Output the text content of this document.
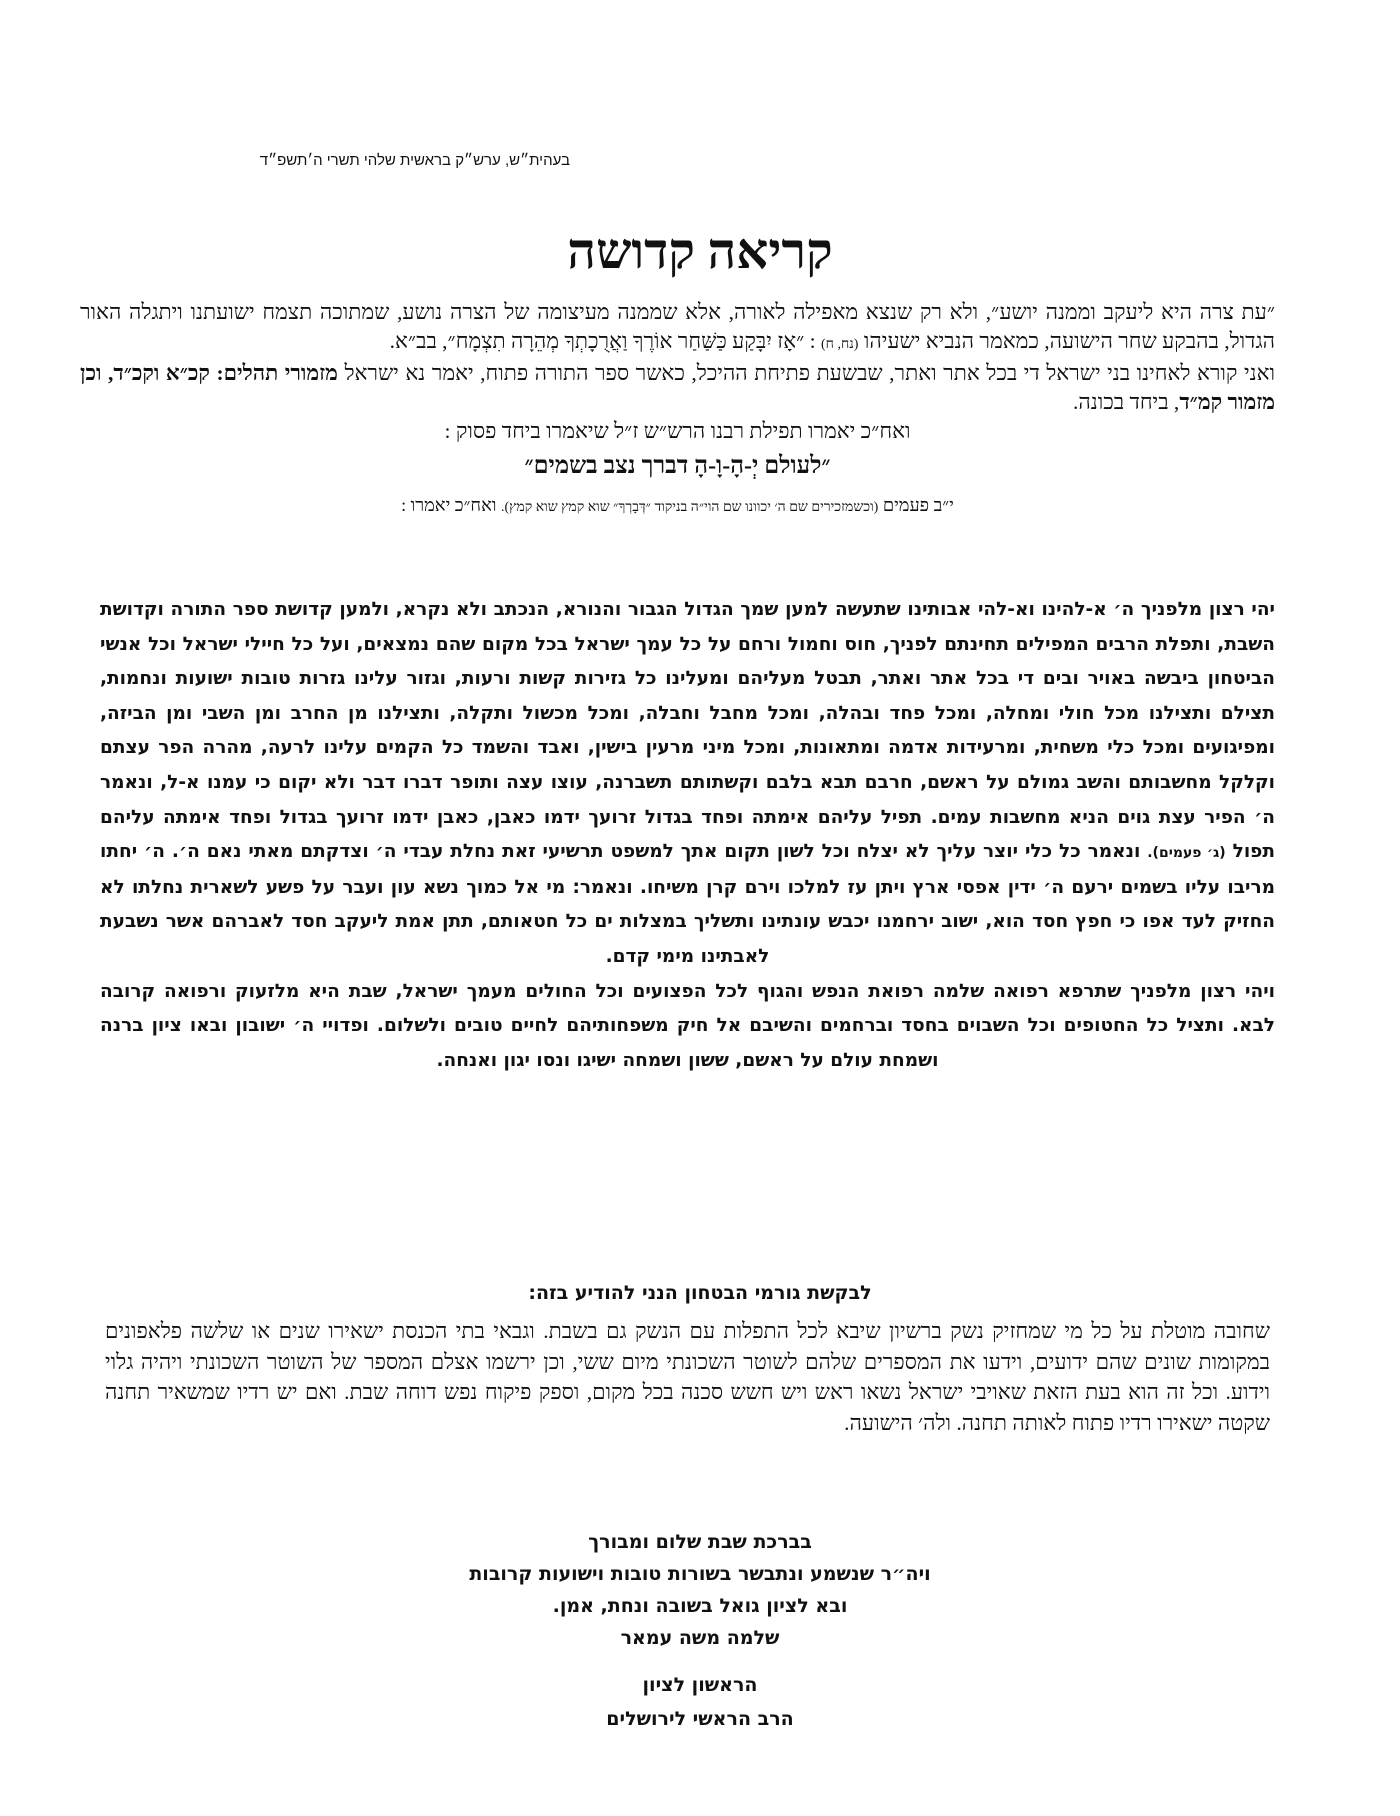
בעהית״ש, ערש״ק בראשית שלהי תשרי ה׳תשפ״ד
קריאה קדושה

״עת צרה היא ליעקב וממנה יושע״, ולא רק שנצא מאפילה לאורה, אלא שממנה מעיצומה של הצרה נושע, שמתוכה תצמח ישועתנו ויתגלה האור הגדול, בהבקע שחר הישועה, כמאמר הנביא ישעיהו (נח, ח) : ״אָז יִבָּקַע כַּשַּׁחַר אוֹרֶךָ וַאֲרֻכָתְךָ מְהֵרָה תִצְמָח״, בב״א.

ואני קורא לאחינו בני ישראל די בכל אתר ואתר, שבשעת פתיחת ההיכל, כאשר ספר התורה פתוח, יאמר נא ישראל מזמורי תהלים: קכ״א וקכ״ד, וכן מזמור קמ״ד, ביחד בכונה.

ואח״כ יאמרו תפילת רבנו הרש״ש ז״ל שיאמרו ביחד פסוק :

״לעולם יְ-הָ-וָ-הָ דברך נצב בשמים״

י״ב פעמים (וכשמזכירים שם ה׳ יכוונו שם הוי״ה בניקוד ״דְּבָרְךָ״ שוא קמץ שוא קמץ). ואח״כ יאמרו :

יהי רצון מלפניך ה׳ א-להינו וא-להי אבותינו שתעשה למען שמך הגדול הגבור והנורא, הנכתב ולא נקרא, ולמען קדושת ספר התורה וקדושת השבת, ותפלת הרבים המפילים תחינתם לפניך, חוס וחמול ורחם על כל עמך ישראל בכל מקום שהם נמצאים, ועל כל חיילי ישראל וכל אנשי הביטחון ביבשה באויר ובים די בכל אתר ואתר, תבטל מעליהם ומעלינו כל גזירות קשות ורעות, וגזור עלינו גזרות טובות ישועות ונחמות, תצילם ותצילנו מכל חולי ומחלה, ומכל פחד ובהלה, ומכל מחבל וחבלה, ומכל מכשול ותקלה, ותצילנו מן החרב ומן השבי ומן הביזה, ומפיגועים ומכל כלי משחית, ומרעידות אדמה ומתאונות, ומכל מיני מרעין בישין, ואבד והשמד כל הקמים עלינו לרעה, מהרה הפר עצתם וקלקל מחשבותם והשב גמולם על ראשם, חרבם תבא בלבם וקשתותם תשברנה, עוצו עצה ותופר דברו דבר ולא יקום כי עמנו א-ל, ונאמר ה׳ הפיר עצת גוים הניא מחשבות עמים. תפיל עליהם אימתה ופחד בגדול זרועך ידמו כאבן, כאבן ידמו זרועך בגדול ופחד אימתה עליהם תפול (ג׳ פעמים). ונאמר כל כלי יוצר עליך לא יצלח וכל לשון תקום אתך למשפט תרשיעי זאת נחלת עבדי ה׳ וצדקתם מאתי נאם ה׳. ה׳ יחתו מריבו עליו בשמים ירעם ה׳ ידין אפסי ארץ ויתן עז למלכו וירם קרן משיחו. ונאמר: מי אל כמוך נשא עון ועבר על פשע לשארית נחלתו לא החזיק לעד אפו כי חפץ חסד הוא, ישוב ירחמנו יכבש עונתינו ותשליך במצלות ים כל חטאותם, תתן אמת ליעקב חסד לאברהם אשר נשבעת לאבתינו מימי קדם.

ויהי רצון מלפניך שתרפא רפואה שלמה רפואת הנפש והגוף לכל הפצועים וכל החולים מעמך ישראל, שבת היא מלזעוק ורפואה קרובה לבא. ותציל כל החטופים וכל השבוים בחסד וברחמים והשיבם אל חיק משפחותיהם לחיים טובים ולשלום. ופדויי ה׳ ישובון ובאו ציון ברנה ושמחת עולם על ראשם, ששון ושמחה ישיגו ונסו יגון ואנחה.

לבקשת גורמי הבטחון הנני להודיע בזה:

שחובה מוטלת על כל מי שמחזיק נשק ברשיון שיבא לכל התפלות עם הנשק גם בשבת. וגבאי בתי הכנסת ישאירו שנים או שלשה פלאפונים במקומות שונים שהם ידועים, וידעו את המספרים שלהם לשוטר השכונתי מיום ששי, וכן ירשמו אצלם המספר של השוטר השכונתי ויהיה גלוי וידוע. וכל זה הוא בעת הזאת שאויבי ישראל נשאו ראש ויש חשש סכנה בכל מקום, וספק פיקוח נפש דוחה שבת. ואם יש רדיו שמשאיר תחנה שקטה ישאירו רדיו פתוח לאותה תחנה. ולה׳ הישועה.

בברכת שבת שלום ומבורך
ויה״ר שנשמע ונתבשר בשורות טובות וישועות קרובות
ובא לציון גואל בשובה ונחת, אמן.
שלמה משה עמאר
הראשון לציון
הרב הראשי לירושלים
